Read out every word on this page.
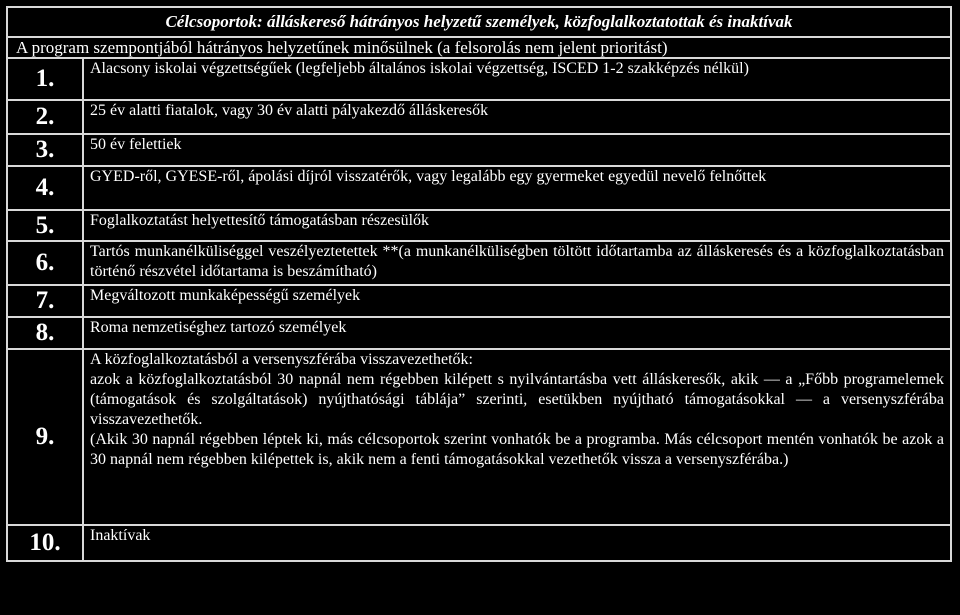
Célcsoportok: álláskereső hátrányos helyzetű személyek, közfoglalkoztatottak és inaktívak	
A program szempontjából hátrányos helyzetűnek minősülnek (a felsorolás nem jelent prioritást)	
1.	Alacsony iskolai végzettségűek (legfeljebb általános iskolai végzettség, ISCED 1-2 szakképzés nélkül)

2.	25 év alatti fiatalok, vagy 30 év alatti pályakezdő álláskeresők

3.	50 év felettiek

4.	GYED-ről, GYESE-ről, ápolási díjról visszatérők, vagy legalább egy gyermeket egyedül nevelő felnőttek

5.	Foglalkoztatást helyettesítő támogatásban részesülők

6.	Tartós munkanélküliséggel veszélyeztetettek **(a munkanélküliségben töltött időtartamba az álláskeresés és a közfoglalkoztatásban történő részvétel időtartama is beszámítható)

7.	Megváltozott munkaképességű személyek

8.	Roma nemzetiséghez tartozó személyek

9.	A közfoglalkoztatásból a versenyszférába visszavezethetők:
azok a közfoglalkoztatásból 30 napnál nem régebben kilépett s nyilvántartásba vett álláskeresők, akik — a „Főbb programelemek (támogatások és szolgáltatások) nyújthatósági táblája” szerinti, esetükben nyújtható támogatásokkal — a versenyszférába visszavezethetők.
(Akik 30 napnál régebben léptek ki, más célcsoportok szerint vonhatók be a programba. Más célcsoport mentén vonhatók be azok a 30 napnál nem régebben kilépettek is, akik nem a fenti támogatásokkal vezethetők vissza a versenyszférába.)

10.	Inaktívak
